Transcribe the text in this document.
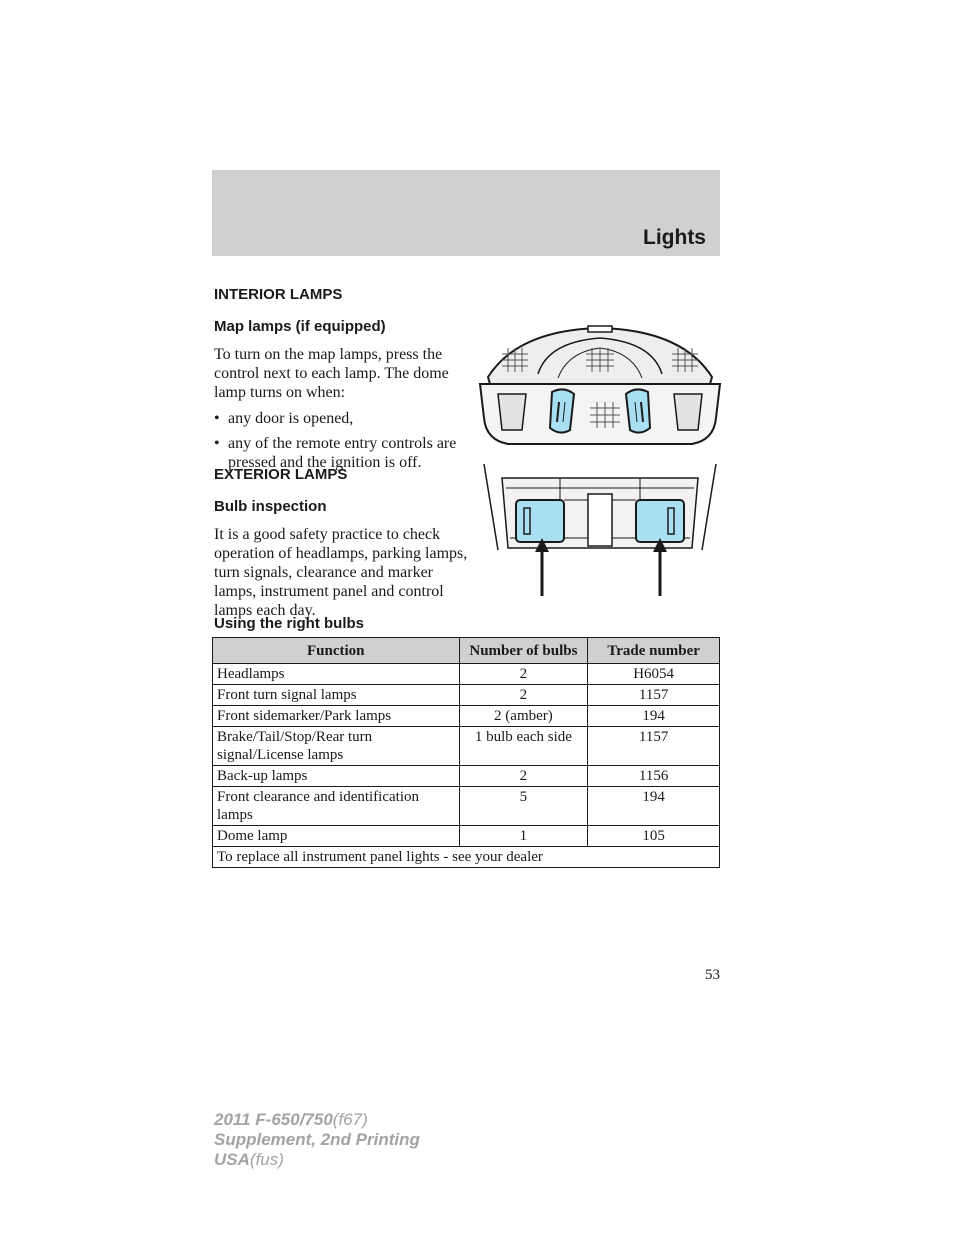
Lights
INTERIOR LAMPS
Map lamps (if equipped)

To turn on the map lamps, press the control next to each lamp. The dome lamp turns on when:

• any door is opened,
• any of the remote entry controls are pressed and the ignition is off.
EXTERIOR LAMPS
Bulb inspection

It is a good safety practice to check operation of headlamps, parking lamps, turn signals, clearance and marker lamps, instrument panel and control lamps each day.

Using the right bulbs
Function	Number of bulbs	Trade number
Headlamps	2	H6054
Front turn signal lamps	2	1157
Front sidemarker/Park lamps	2 (amber)	194
Brake/Tail/Stop/Rear turn signal/License lamps	1 bulb each side	1157
Back-up lamps	2	1156
Front clearance and identification lamps	5	194
Dome lamp	1	105
To replace all instrument panel lights - see your dealer		
53
2011 F-650/750(f67)
Supplement, 2nd Printing
USA(fus)
